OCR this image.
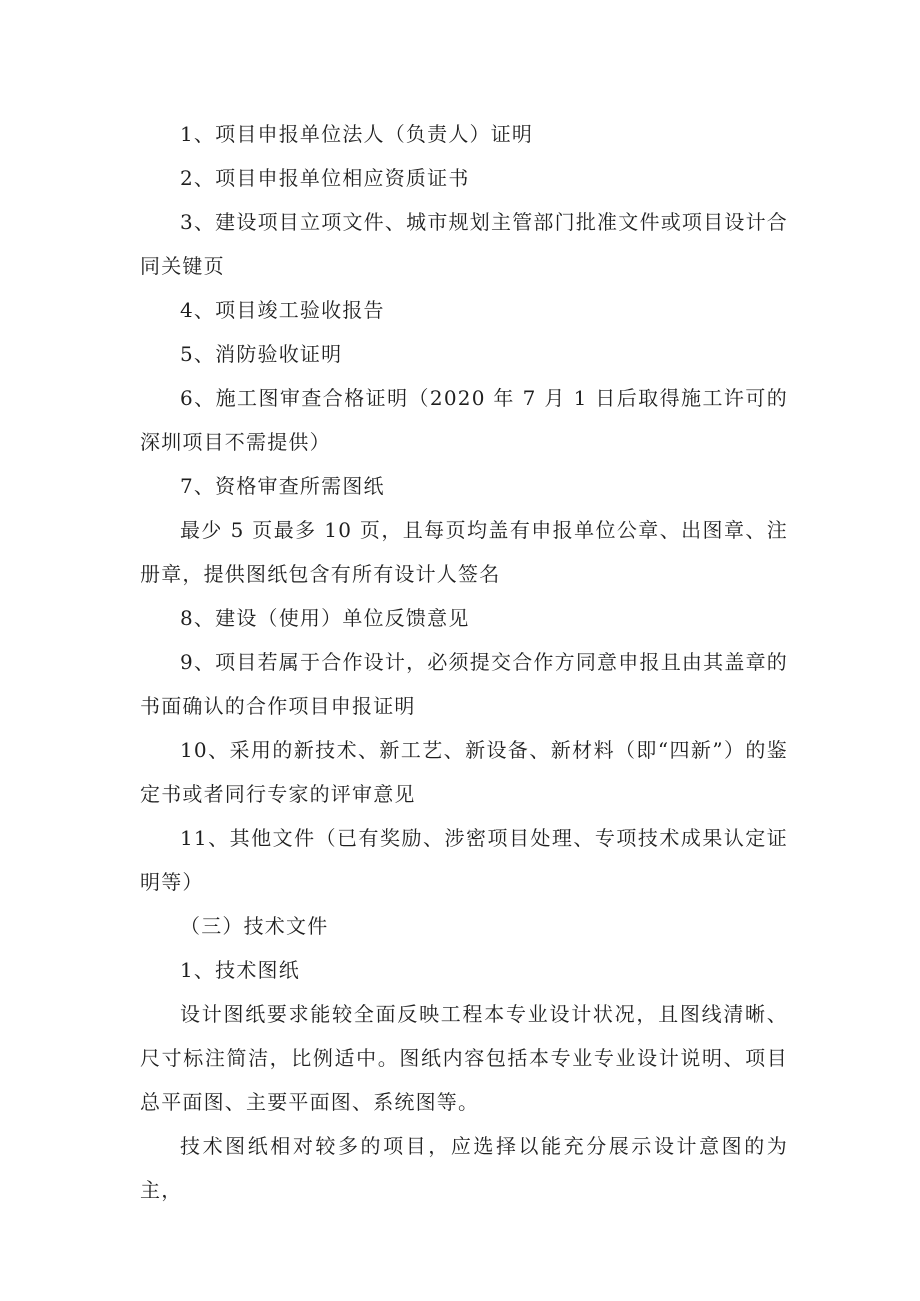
1、项目申报单位法人（负责人）证明

2、项目申报单位相应资质证书

3、建设项目立项文件、城市规划主管部门批准文件或项目设计合同关键页

4、项目竣工验收报告

5、消防验收证明

6、施工图审查合格证明（2020 年 7 月 1 日后取得施工许可的深圳项目不需提供）

7、资格审查所需图纸

最少 5 页最多 10 页，且每页均盖有申报单位公章、出图章、注册章，提供图纸包含有所有设计人签名

8、建设（使用）单位反馈意见

9、项目若属于合作设计，必须提交合作方同意申报且由其盖章的书面确认的合作项目申报证明

10、采用的新技术、新工艺、新设备、新材料（即“四新”）的鉴定书或者同行专家的评审意见

11、其他文件（已有奖励、涉密项目处理、专项技术成果认定证明等）

（三）技术文件

1、技术图纸

设计图纸要求能较全面反映工程本专业设计状况，且图线清晰、尺寸标注简洁，比例适中。图纸内容包括本专业专业设计说明、项目总平面图、主要平面图、系统图等。

技术图纸相对较多的项目，应选择以能充分展示设计意图的为主，
